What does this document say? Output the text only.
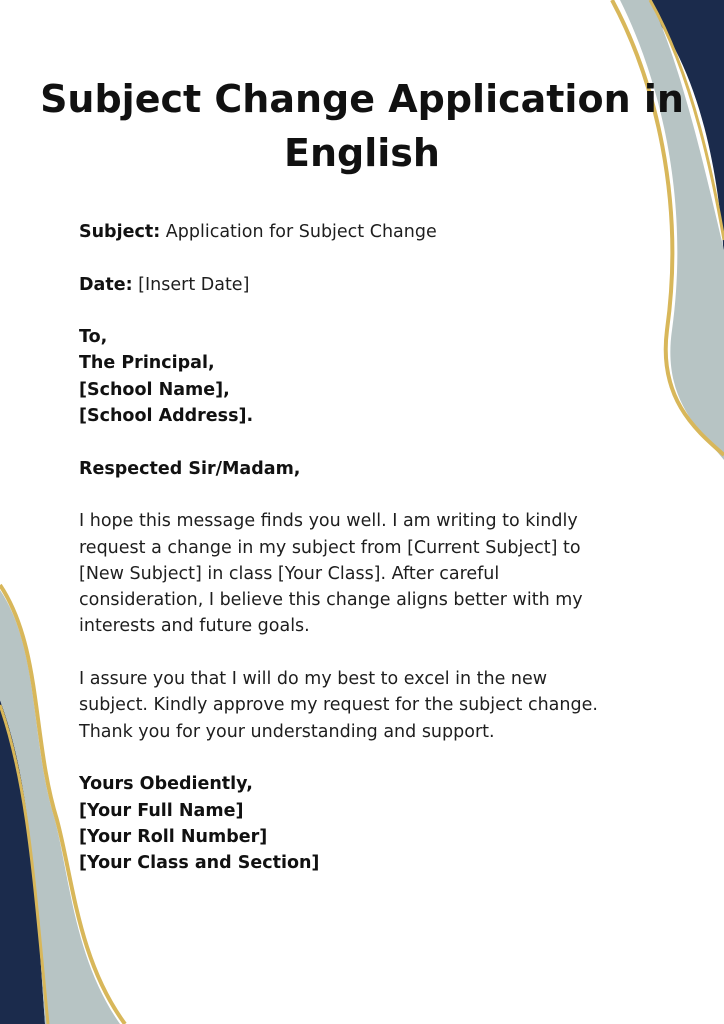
Subject Change Application in
English

Subject: Application for Subject Change

Date: [Insert Date]

To,
The Principal,
[School Name],
[School Address].

Respected Sir/Madam,

I hope this message finds you well. I am writing to kindly
request a change in my subject from [Current Subject] to
[New Subject] in class [Your Class]. After careful
consideration, I believe this change aligns better with my
interests and future goals.

I assure you that I will do my best to excel in the new
subject. Kindly approve my request for the subject change.
Thank you for your understanding and support.

Yours Obediently,
[Your Full Name]
[Your Roll Number]
[Your Class and Section]
